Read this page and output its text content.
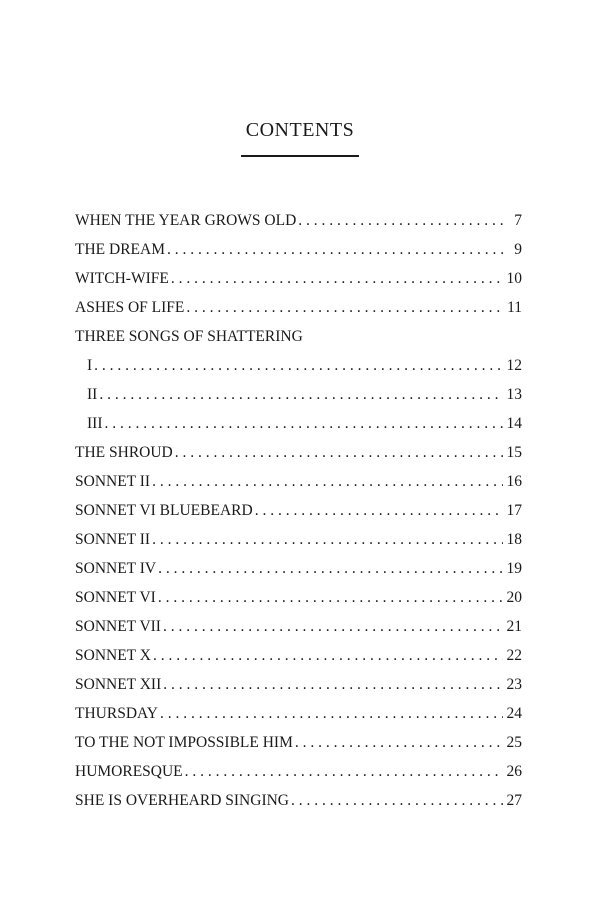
CONTENTS
WHEN THE YEAR GROWS OLD . . .	7
THE DREAM . . .	9
WITCH-WIFE . . .	10
ASHES OF LIFE . . .	11
THREE SONGS OF SHATTERING
I . . .	12
II . . .	13
III . . .	14
THE SHROUD . . .	15
SONNET II . . .	16
SONNET VI BLUEBEARD . . .	17
SONNET II . . .	18
SONNET IV . . .	19
SONNET VI . . .	20
SONNET VII . . .	21
SONNET X . . .	22
SONNET XII . . .	23
THURSDAY . . .	24
TO THE NOT IMPOSSIBLE HIM . . .	25
HUMORESQUE . . .	26
SHE IS OVERHEARD SINGING . . .	27
